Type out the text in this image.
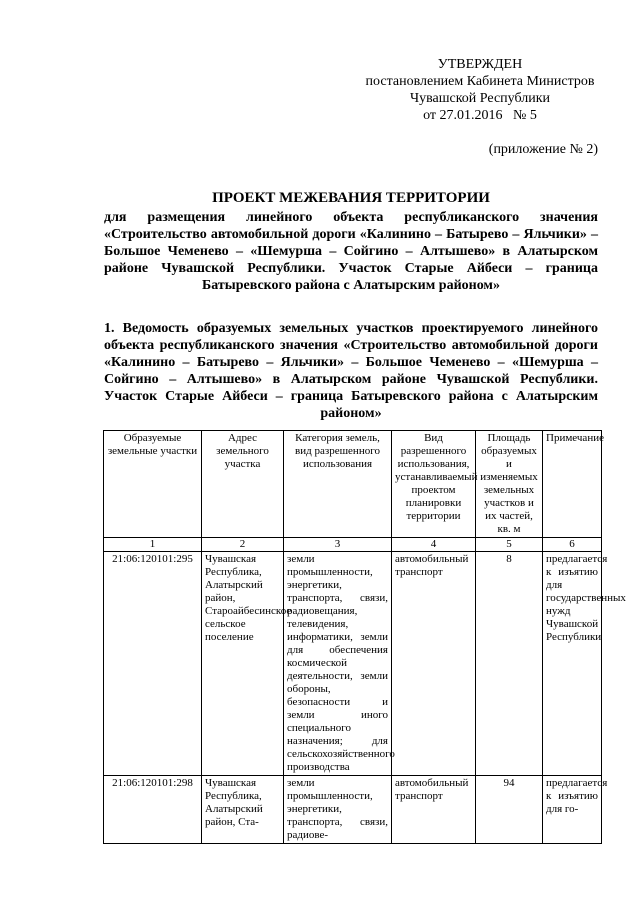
УТВЕРЖДЕН
постановлением Кабинета Министров
Чувашской Республики
от 27.01.2016   № 5
(приложение № 2)
ПРОЕКТ МЕЖЕВАНИЯ ТЕРРИТОРИИ
для размещения линейного объекта республиканского значения «Строительство автомобильной дороги «Калинино – Батырево – Яльчики» – Большое Чеменево – «Шемурша – Сойгино – Алтышево» в Алатырском районе Чувашской Республики. Участок Старые Айбеси – граница Батыревского района с Алатырским районом»
1. Ведомость образуемых земельных участков проектируемого линейного объекта республиканского значения «Строительство автомобильной дороги «Калинино – Батырево – Яльчики» – Большое Чеменево – «Шемурша – Сойгино – Алтышево» в Алатырском районе Чувашской Республики. Участок Старые Айбеси – граница Батыревского района с Алатырским районом»
Образуемые земельные участки	Адрес земельного участка	Категория земель, вид разрешенного использования	Вид разрешенного использования, устанавливаемый проектом планировки территории	Площадь образуемых и изменяемых земельных участков и их частей, кв. м	Примечание
1	2	3	4	5	6
21:06:120101:295	Чувашская Республика, Алатырский район, Староайбесинское сельское поселение	земли промышленности, энергетики, транспорта, связи, радиовещания, телевидения, информатики, земли для обеспечения космической деятельности, земли обороны, безопасности и земли иного специального назначения; для сельскохозяйственного производства	автомобильный транспорт	8	предлагается к изъятию для государственных нужд Чувашской Республики
21:06:120101:298	Чувашская Республика, Алатырский район, Ста-	земли промышленности, энергетики, транспорта, связи, радиове-	автомобильный транспорт	94	предлагается к изъятию для го-
